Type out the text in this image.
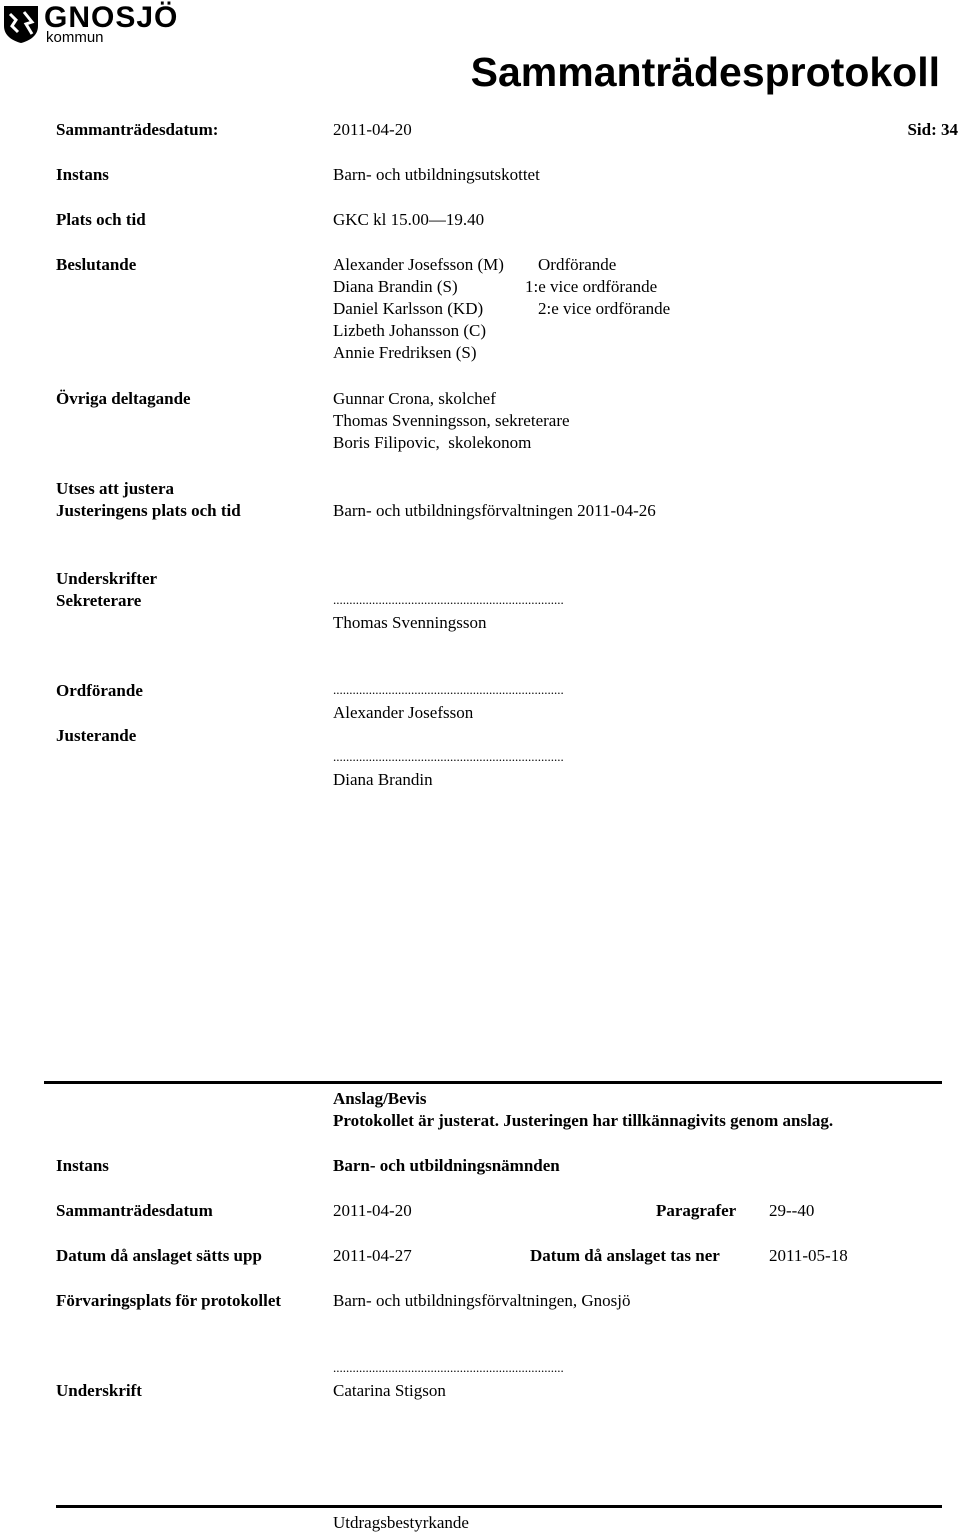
GNOSJÖ
kommun
Sammanträdesprotokoll
Sammanträdesdatum:	2011-04-20	Sid: 34
Instans	Barn- och utbildningsutskottet
Plats och tid	GKC kl 15.00—19.40
Beslutande	Alexander Josefsson (M) Ordförande
Diana Brandin (S)	1:e vice ordförande
Daniel Karlsson (KD)	2:e vice ordförande
Lizbeth Johansson (C)
Annie Fredriksen (S)
Övriga deltagande	Gunnar Crona, skolchef
Thomas Svenningsson, sekreterare
Boris Filipovic,  skolekonom
Utses att justera
Justeringens plats och tid	Barn- och utbildningsförvaltningen 2011-04-26
Underskrifter
Sekreterare	.......................................................................
Thomas Svenningsson
Ordförande	.......................................................................
Alexander Josefsson
Justerande
.......................................................................
Diana Brandin
Anslag/Bevis
Protokollet är justerat. Justeringen har tillkännagivits genom anslag.
Instans	Barn- och utbildningsnämnden
Sammanträdesdatum	2011-04-20	Paragrafer 29--40
Datum då anslaget sätts upp	2011-04-27	Datum då anslaget tas ner	2011-05-18
Förvaringsplats för protokollet	Barn- och utbildningsförvaltningen, Gnosjö
.......................................................................
Underskrift	Catarina Stigson
Utdragsbestyrkande
